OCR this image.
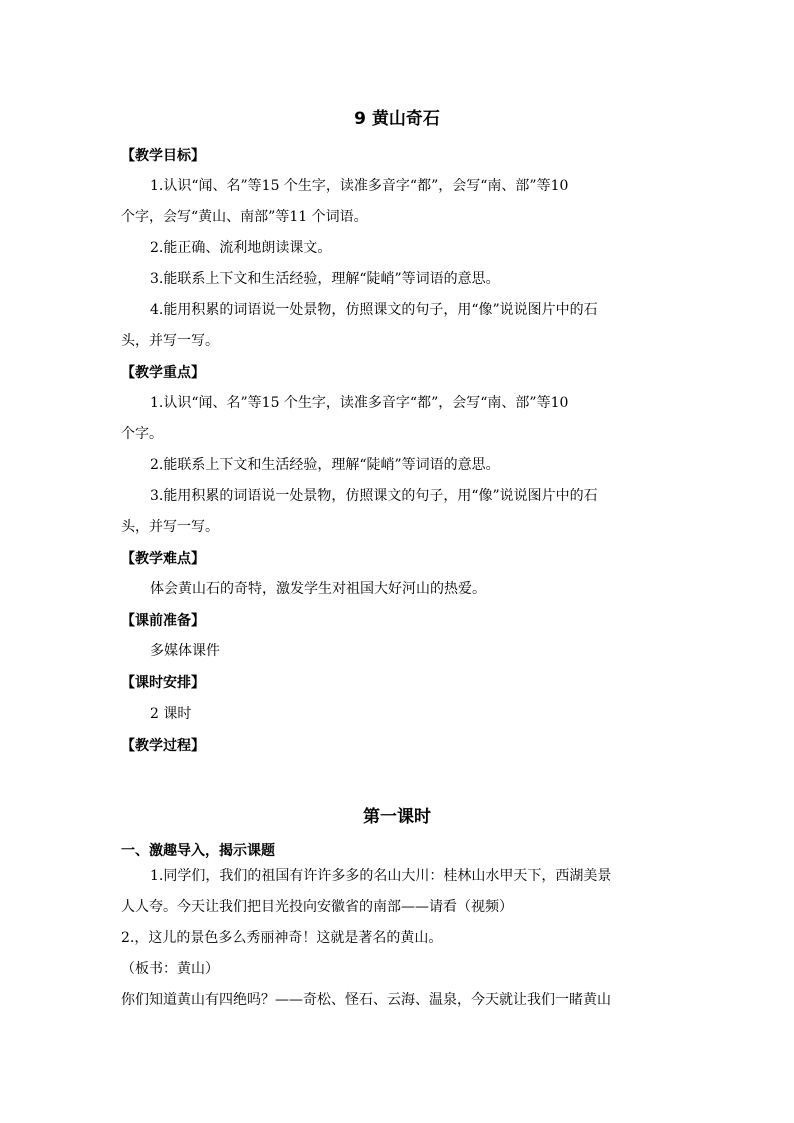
9 黄山奇石
【教学目标】
1.认识“闻、名”等15 个生字，读准多音字“都”，会写“南、部”等10
个字，会写“黄山、南部”等11 个词语。
2.能正确、流利地朗读课文。
3.能联系上下文和生活经验，理解“陡峭”等词语的意思。
4.能用积累的词语说一处景物，仿照课文的句子，用“像”说说图片中的石
头，并写一写。
【教学重点】
1.认识“闻、名”等15 个生字，读准多音字“都”，会写“南、部”等10
个字。
2.能联系上下文和生活经验，理解“陡峭”等词语的意思。
3.能用积累的词语说一处景物，仿照课文的句子，用“像”说说图片中的石
头，并写一写。
【教学难点】
体会黄山石的奇特，激发学生对祖国大好河山的热爱。
【课前准备】
多媒体课件
【课时安排】
2 课时
【教学过程】
第一课时
一、激趣导入，揭示课题
1.同学们，我们的祖国有许许多多的名山大川：桂林山水甲天下，西湖美景
人人夸。今天让我们把目光投向安徽省的南部——请看（视频）
2.，这儿的景色多么秀丽神奇！这就是著名的黄山。
（板书：黄山）
你们知道黄山有四绝吗？——奇松、怪石、云海、温泉，今天就让我们一睹黄山
